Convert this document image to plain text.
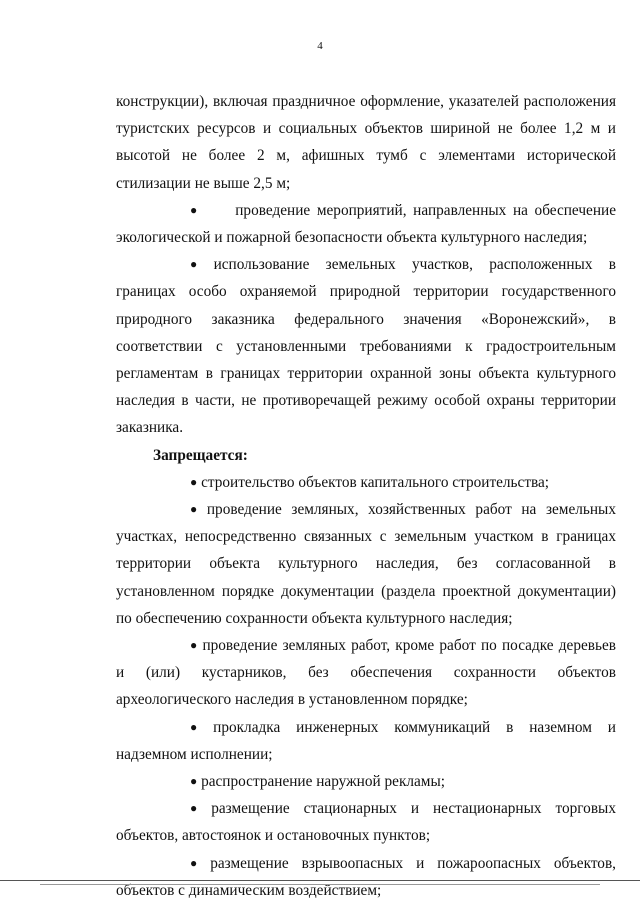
4

конструкции), включая праздничное оформление, указателей расположения туристских ресурсов и социальных объектов шириной не более 1,2 м и высотой не более 2 м, афишных тумб с элементами исторической стилизации не выше 2,5 м;

● проведение мероприятий, направленных на обеспечение экологической и пожарной безопасности объекта культурного наследия;

● использование земельных участков, расположенных в границах особо охраняемой природной территории государственного природного заказника федерального значения «Воронежский», в соответствии с установленными требованиями к градостроительным регламентам в границах территории охранной зоны объекта культурного наследия в части, не противоречащей режиму особой охраны территории заказника.

Запрещается:

● строительство объектов капитального строительства;

● проведение земляных, хозяйственных работ на земельных участках, непосредственно связанных с земельным участком в границах территории объекта культурного наследия, без согласованной в установленном порядке документации (раздела проектной документации) по обеспечению сохранности объекта культурного наследия;

● проведение земляных работ, кроме работ по посадке деревьев и (или) кустарников, без обеспечения сохранности объектов археологического наследия в установленном порядке;

● прокладка инженерных коммуникаций в наземном и надземном исполнении;

● распространение наружной рекламы;

● размещение стационарных и нестационарных торговых объектов, автостоянок и остановочных пунктов;

● размещение взрывоопасных и пожароопасных объектов, объектов с динамическим воздействием;
